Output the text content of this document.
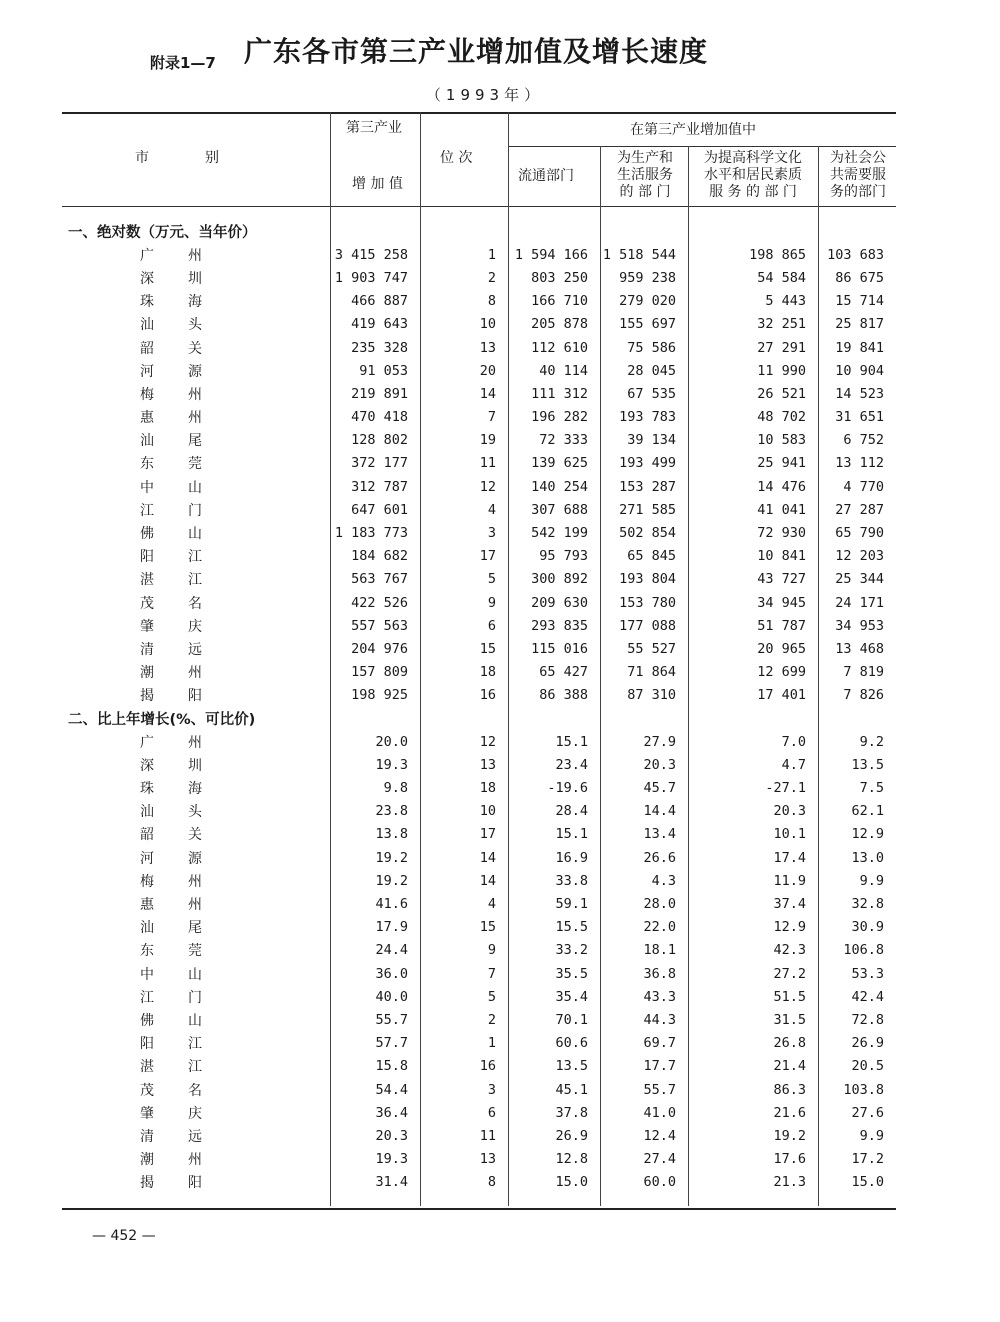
附录1—7 广东各市第三产业增加值及增长速度
（1993年）
市　　　　别
第三产业
增 加 值
位 次
在第三产业增加值中
流通部门
为生产和
生活服务
的 部 门
为提高科学文化
水平和居民素质
服 务 的 部 门
为社会公
共需要服
务的部门
一、绝对数（万元、当年价）						
广州	3 415 258	1	1 594 166	1 518 544	198 865	103 683
深圳	1 903 747	2	803 250	959 238	54 584	86 675
珠海	466 887	8	166 710	279 020	5 443	15 714
汕头	419 643	10	205 878	155 697	32 251	25 817
韶关	235 328	13	112 610	75 586	27 291	19 841
河源	91 053	20	40 114	28 045	11 990	10 904
梅州	219 891	14	111 312	67 535	26 521	14 523
惠州	470 418	7	196 282	193 783	48 702	31 651
汕尾	128 802	19	72 333	39 134	10 583	6 752
东莞	372 177	11	139 625	193 499	25 941	13 112
中山	312 787	12	140 254	153 287	14 476	4 770
江门	647 601	4	307 688	271 585	41 041	27 287
佛山	1 183 773	3	542 199	502 854	72 930	65 790
阳江	184 682	17	95 793	65 845	10 841	12 203
湛江	563 767	5	300 892	193 804	43 727	25 344
茂名	422 526	9	209 630	153 780	34 945	24 171
肇庆	557 563	6	293 835	177 088	51 787	34 953
清远	204 976	15	115 016	55 527	20 965	13 468
潮州	157 809	18	65 427	71 864	12 699	7 819
揭阳	198 925	16	86 388	87 310	17 401	7 826
二、比上年增长(%、可比价)						
广州	20.0	12	15.1	27.9	7.0	9.2
深圳	19.3	13	23.4	20.3	4.7	13.5
珠海	9.8	18	-19.6	45.7	-27.1	7.5
汕头	23.8	10	28.4	14.4	20.3	62.1
韶关	13.8	17	15.1	13.4	10.1	12.9
河源	19.2	14	16.9	26.6	17.4	13.0
梅州	19.2	14	33.8	4.3	11.9	9.9
惠州	41.6	4	59.1	28.0	37.4	32.8
汕尾	17.9	15	15.5	22.0	12.9	30.9
东莞	24.4	9	33.2	18.1	42.3	106.8
中山	36.0	7	35.5	36.8	27.2	53.3
江门	40.0	5	35.4	43.3	51.5	42.4
佛山	55.7	2	70.1	44.3	31.5	72.8
阳江	57.7	1	60.6	69.7	26.8	26.9
湛江	15.8	16	13.5	17.7	21.4	20.5
茂名	54.4	3	45.1	55.7	86.3	103.8
肇庆	36.4	6	37.8	41.0	21.6	27.6
清远	20.3	11	26.9	12.4	19.2	9.9
潮州	19.3	13	12.8	27.4	17.6	17.2
揭阳	31.4	8	15.0	60.0	21.3	15.0
— 452 —
